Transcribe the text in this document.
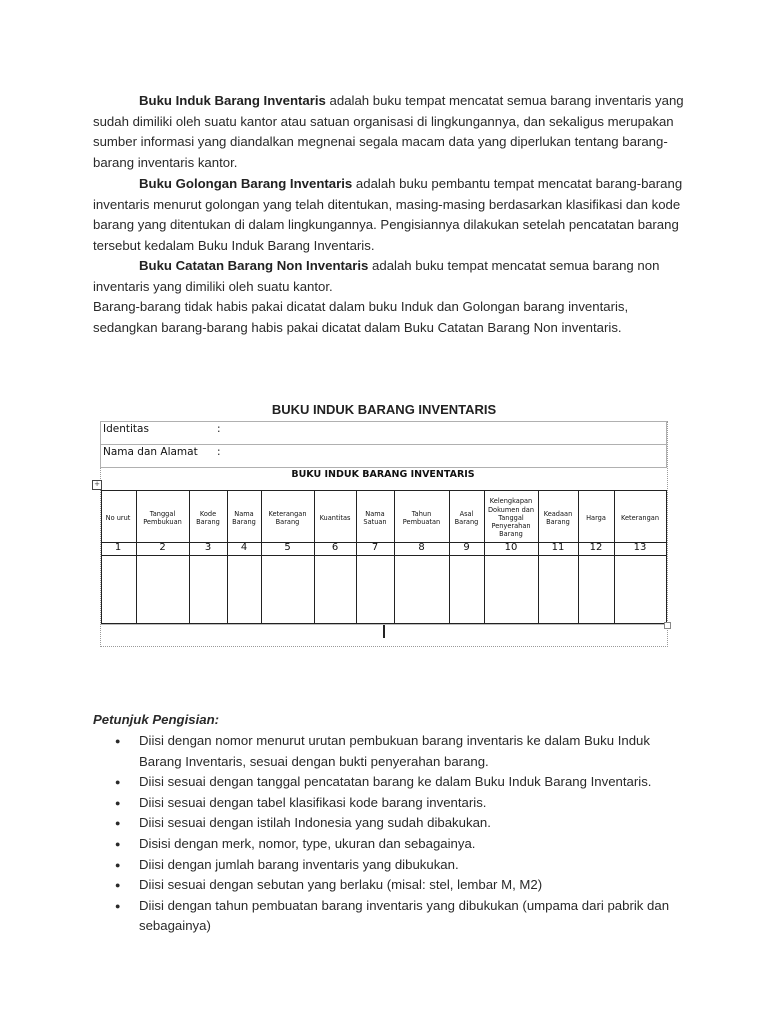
Buku Induk Barang Inventaris adalah buku tempat mencatat semua barang inventaris yang sudah dimiliki oleh suatu kantor atau satuan organisasi di lingkungannya, dan sekaligus merupakan sumber informasi yang diandalkan megnenai segala macam data yang diperlukan tentang barang-barang inventaris kantor.
Buku Golongan Barang Inventaris adalah buku pembantu tempat mencatat barang-barang inventaris menurut golongan yang telah ditentukan, masing-masing berdasarkan klasifikasi dan kode barang yang ditentukan di dalam lingkungannya. Pengisiannya dilakukan setelah pencatatan barang tersebut kedalam Buku Induk Barang Inventaris.
Buku Catatan Barang Non Inventaris adalah buku tempat mencatat semua barang non inventaris yang dimiliki oleh suatu kantor.
Barang-barang tidak habis pakai dicatat dalam buku Induk dan Golongan barang inventaris, sedangkan barang-barang habis pakai dicatat dalam Buku Catatan Barang Non inventaris.
BUKU INDUK BARANG INVENTARIS
Identitas	:
Nama dan Alamat :
BUKU INDUK BARANG INVENTARIS
+
No urut
1
Tanggal Pembukuan
2
Kode Barang
3
Nama Barang
4
Keterangan Barang
5
Kuantitas
6
Nama Satuan
7
Tahun Pembuatan
8
Asal Barang
9
Kelengkapan Dokumen dan Tanggal Penyerahan Barang
10
Keadaan Barang
11
Harga
12
Keterangan
13
Petunjuk Pengisian:
● Diisi dengan nomor menurut urutan pembukuan barang inventaris ke dalam Buku Induk Barang Inventaris, sesuai dengan bukti penyerahan barang.
● Diisi sesuai dengan tanggal pencatatan barang ke dalam Buku Induk Barang Inventaris.
● Diisi sesuai dengan tabel klasifikasi kode barang inventaris.
● Diisi sesuai dengan istilah Indonesia yang sudah dibakukan.
● Disisi dengan merk, nomor, type, ukuran dan sebagainya.
● Diisi dengan jumlah barang inventaris yang dibukukan.
● Diisi sesuai dengan sebutan yang berlaku (misal: stel, lembar M, M2)
● Diisi dengan tahun pembuatan barang inventaris yang dibukukan (umpama dari pabrik dan sebagainya)
